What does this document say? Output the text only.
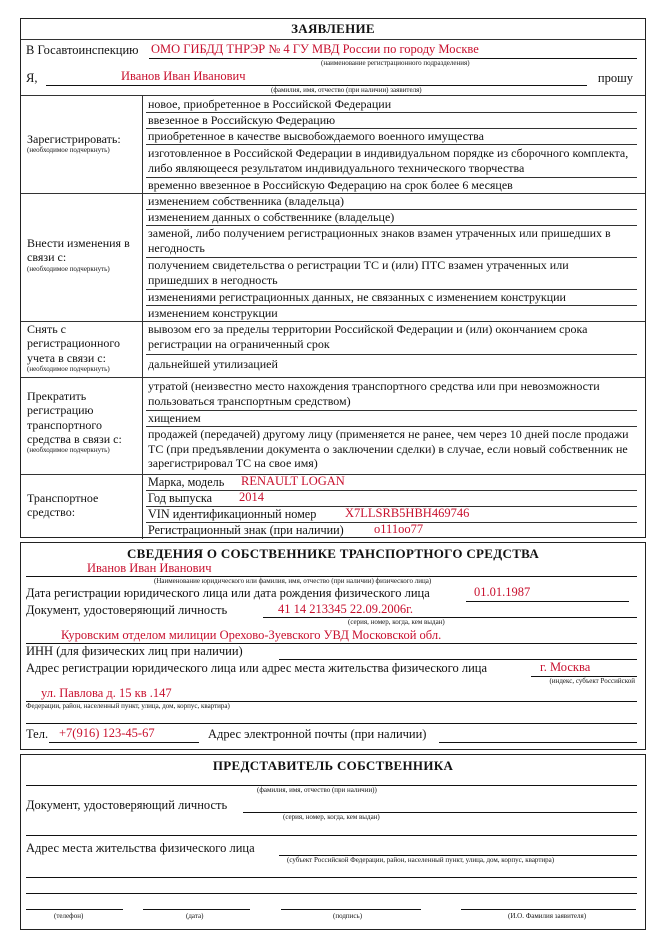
ЗАЯВЛЕНИЕ
В Госавтоинспекцию ОМО ГИБДД ТНРЭР № 4 ГУ МВД России по городу Москве
(наименование регистрационного подразделения)
Я,	Иванов Иван Иванович	прошу
(фамилия, имя, отчество (при наличии) заявителя)
Зарегистрировать:
(необходимое подчеркнуть)
новое, приобретенное в Российской Федерации
ввезенное в Российскую Федерацию
приобретенное в качестве высвобождаемого военного имущества
изготовленное в Российской Федерации в индивидуальном порядке из сборочного комплекта, либо являющееся результатом индивидуального технического творчества
временно ввезенное в Российскую Федерацию на срок более 6 месяцев
Внести изменения в связи с:
(необходимое подчеркнуть)
изменением собственника (владельца)
изменением данных о собственнике (владельце)
заменой, либо получением регистрационных знаков взамен утраченных или пришедших в негодность
получением свидетельства о регистрации ТС и (или) ПТС взамен утраченных или пришедших в негодность
изменениями регистрационных данных, не связанных с изменением конструкции
изменением конструкции
Снять с регистрационного учета в связи с:
(необходимое подчеркнуть)
вывозом его за пределы территории Российской Федерации и (или) окончанием срока регистрации на ограниченный срок
дальнейшей утилизацией
Прекратить регистрацию транспортного средства в связи с:
(необходимое подчеркнуть)
утратой (неизвестно место нахождения транспортного средства или при невозможности пользоваться транспортным средством)
хищением
продажей (передачей) другому лицу (применяется не ранее, чем через 10 дней после продажи ТС (при предъявлении документа о заключении сделки) в случае, если новый собственник не зарегистрировал ТС на свое имя)
Транспортное средство:
Марка, модель RENAULT LOGAN
Год выпуска 2014
VIN идентификационный номер X7LLSRB5HBH469746
Регистрационный знак (при наличии) о111оо77
СВЕДЕНИЯ О СОБСТВЕННИКЕ ТРАНСПОРТНОГО СРЕДСТВА
Иванов Иван Иванович
(Наименование юридического или фамилия, имя, отчество (при наличии) физического лица)
Дата регистрации юридического лица или дата рождения физического лица	01.01.1987
Документ, удостоверяющий личность	41 14 213345 22.09.2006г.
(серия, номер, когда, кем выдан)
Куровским отделом милиции Орехово-Зуевского УВД Московской обл.
ИНН (для физических лиц при наличии)
Адрес регистрации юридического лица или адрес места жительства физического лица	г. Москва
(индекс, субъект Российской
ул. Павлова д. 15 кв .147
Федерации, район, населенный пункт, улица, дом, корпус, квартира)
Тел. +7(916) 123-45-67	Адрес электронной почты (при наличии)
ПРЕДСТАВИТЕЛЬ СОБСТВЕННИКА
(фамилия, имя, отчество (при наличии))
Документ, удостоверяющий личность
(серия, номер, когда, кем выдан)
Адрес места жительства физического лица
(субъект Российской Федерации, район, населенный пункт, улица, дом, корпус, квартира)
(телефон)	(дата)	(подпись)	(И.О. Фамилия заявителя)
